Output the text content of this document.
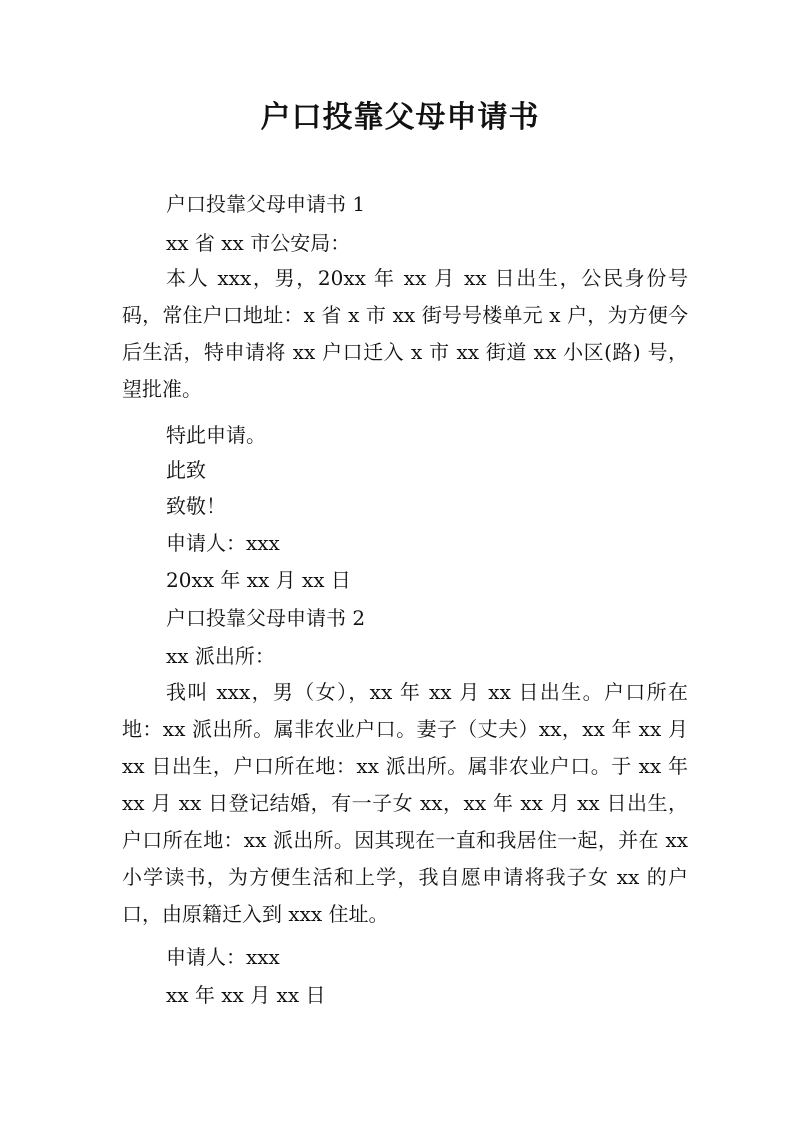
户口投靠父母申请书
户口投靠父母申请书 1
xx 省 xx 市公安局：
本人 xxx，男，20xx 年 xx 月 xx 日出生，公民身份号码，常住户口地址：x 省 x 市 xx 街号号楼单元 x 户，为方便今后生活，特申请将 xx 户口迁入 x 市 xx 街道 xx 小区(路) 号，望批准。
特此申请。
此致
致敬！
申请人：xxx
20xx 年 xx 月 xx 日
户口投靠父母申请书 2
xx 派出所：
我叫 xxx，男（女），xx 年 xx 月 xx 日出生。户口所在地：xx 派出所。属非农业户口。妻子（丈夫）xx，xx 年 xx 月 xx 日出生，户口所在地：xx 派出所。属非农业户口。于 xx 年 xx 月 xx 日登记结婚，有一子女 xx，xx 年 xx 月 xx 日出生，户口所在地：xx 派出所。因其现在一直和我居住一起，并在 xx 小学读书，为方便生活和上学，我自愿申请将我子女 xx 的户口，由原籍迁入到 xxx 住址。
申请人：xxx
xx 年 xx 月 xx 日
